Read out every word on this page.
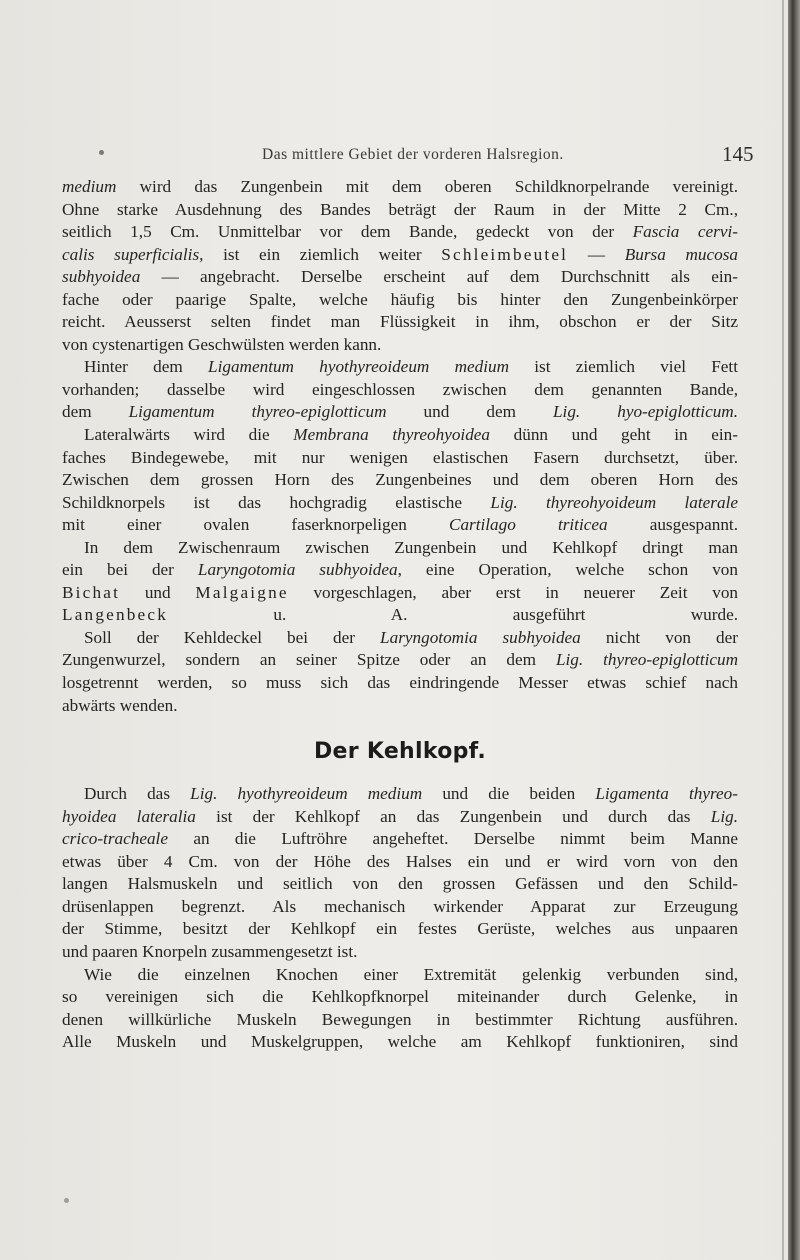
Das mittlere Gebiet der vorderen Halsregion.	145
medium wird das Zungenbein mit dem oberen Schildknorpelrande vereinigt.
Ohne starke Ausdehnung des Bandes beträgt der Raum in der Mitte 2 Cm.,
seitlich 1,5 Cm. Unmittelbar vor dem Bande, gedeckt von der Fascia cervi-
calis superficialis, ist ein ziemlich weiter Schleimbeutel — Bursa mucosa
subhyoidea — angebracht. Derselbe erscheint auf dem Durchschnitt als ein-
fache oder paarige Spalte, welche häufig bis hinter den Zungenbeinkörper
reicht. Aeusserst selten findet man Flüssigkeit in ihm, obschon er der Sitz
von cystenartigen Geschwülsten werden kann.
Hinter dem Ligamentum hyothyreoideum medium ist ziemlich viel Fett
vorhanden; dasselbe wird eingeschlossen zwischen dem genannten Bande,
dem Ligamentum thyreo-epiglotticum und dem Lig. hyo-epiglotticum.
Lateralwärts wird die Membrana thyreohyoidea dünn und geht in ein-
faches Bindegewebe, mit nur wenigen elastischen Fasern durchsetzt, über.
Zwischen dem grossen Horn des Zungenbeines und dem oberen Horn des
Schildknorpels ist das hochgradig elastische Lig. thyreohyoideum laterale
mit einer ovalen faserknorpeligen Cartilago triticea ausgespannt.
In dem Zwischenraum zwischen Zungenbein und Kehlkopf dringt man
ein bei der Laryngotomia subhyoidea, eine Operation, welche schon von
Bichat und Malgaigne vorgeschlagen, aber erst in neuerer Zeit von
Langenbeck u. A. ausgeführt wurde.
Soll der Kehldeckel bei der Laryngotomia subhyoidea nicht von der
Zungenwurzel, sondern an seiner Spitze oder an dem Lig. thyreo-epiglotticum
losgetrennt werden, so muss sich das eindringende Messer etwas schief nach
abwärts wenden.
Der Kehlkopf.
Durch das Lig. hyothyreoideum medium und die beiden Ligamenta thyreo-
hyoidea lateralia ist der Kehlkopf an das Zungenbein und durch das Lig.
crico-tracheale an die Luftröhre angeheftet. Derselbe nimmt beim Manne
etwas über 4 Cm. von der Höhe des Halses ein und er wird vorn von den
langen Halsmuskeln und seitlich von den grossen Gefässen und den Schild-
drüsenlappen begrenzt. Als mechanisch wirkender Apparat zur Erzeugung
der Stimme, besitzt der Kehlkopf ein festes Gerüste, welches aus unpaaren
und paaren Knorpeln zusammengesetzt ist.
Wie die einzelnen Knochen einer Extremität gelenkig verbunden sind,
so vereinigen sich die Kehlkopfknorpel miteinander durch Gelenke, in
denen willkürliche Muskeln Bewegungen in bestimmter Richtung ausführen.
Alle Muskeln und Muskelgruppen, welche am Kehlkopf funktioniren, sind
